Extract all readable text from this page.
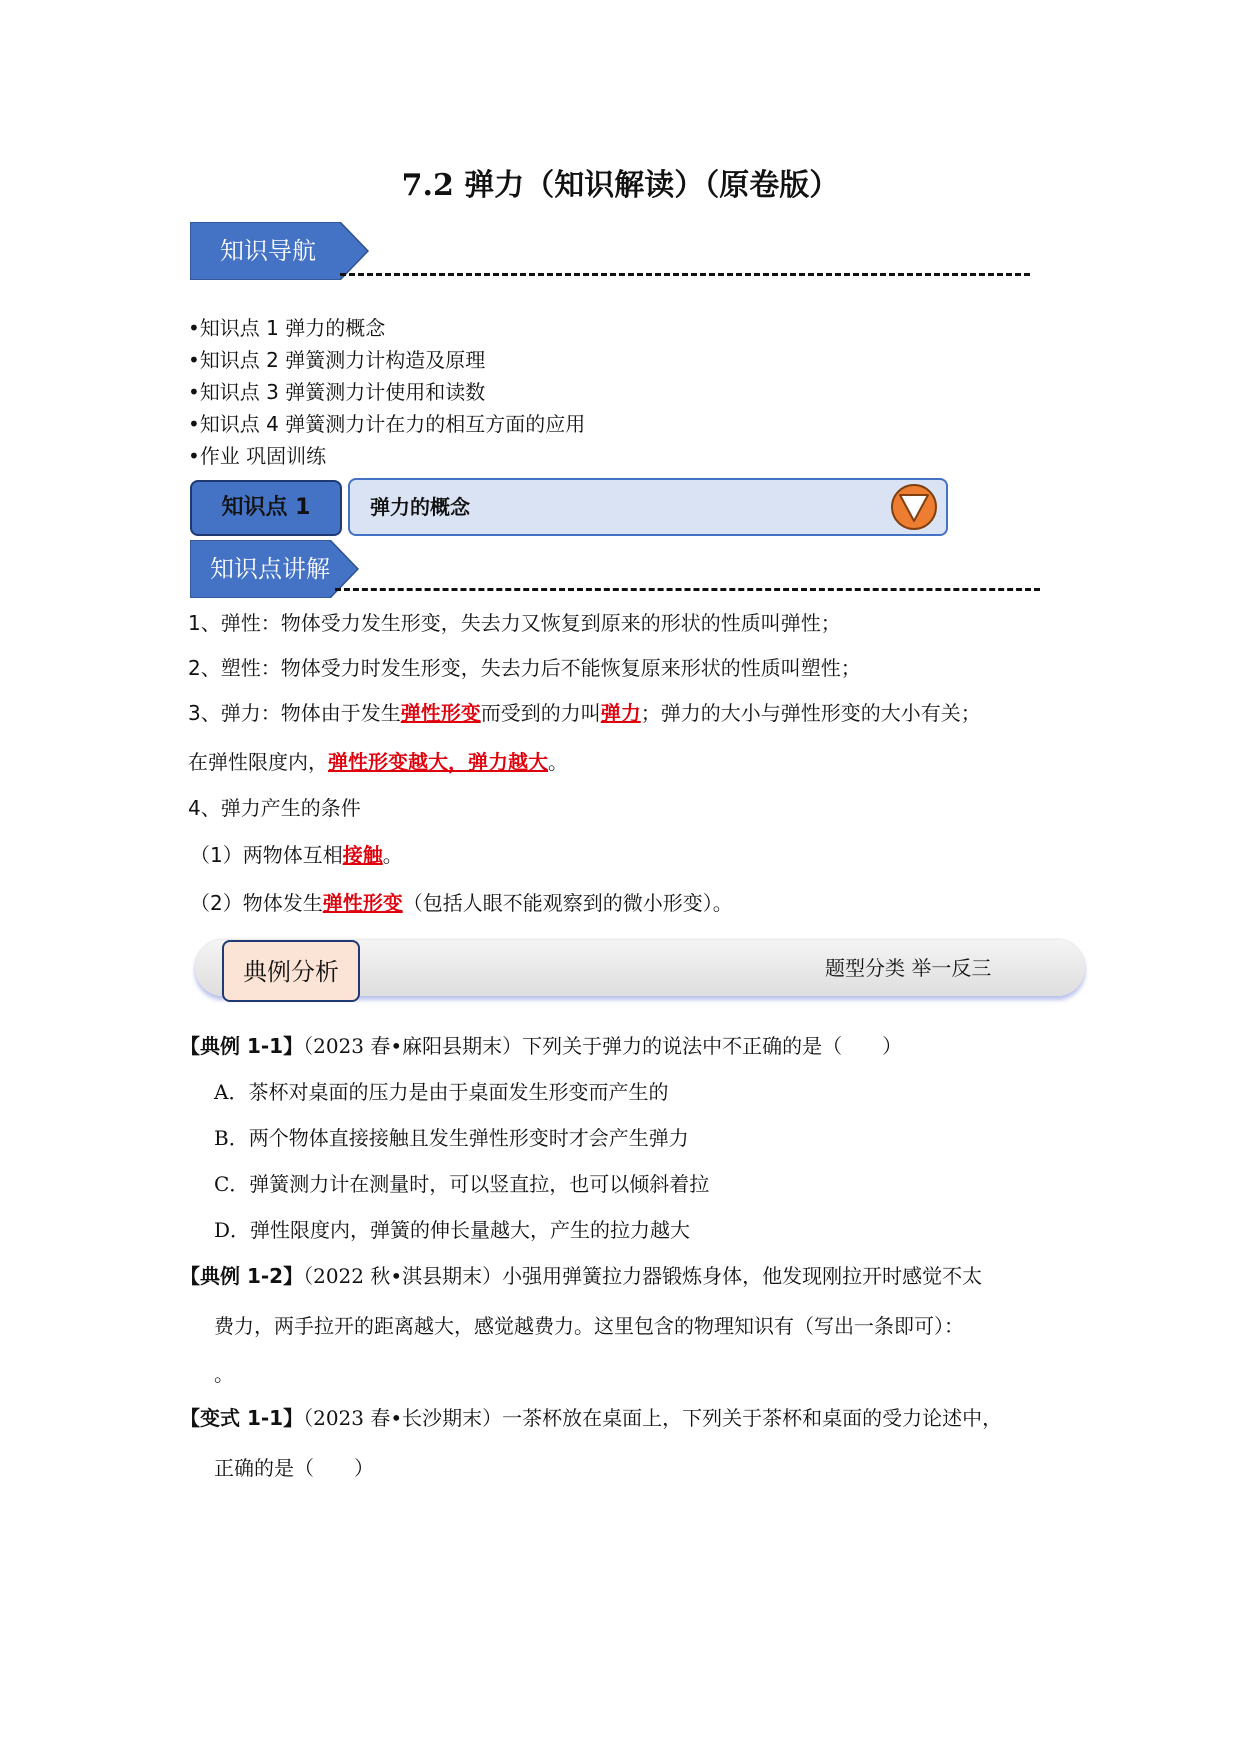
7.2 弹力（知识解读）（原卷版）
知识导航
•知识点 1 弹力的概念
•知识点 2 弹簧测力计构造及原理
•知识点 3 弹簧测力计使用和读数
•知识点 4 弹簧测力计在力的相互方面的应用
•作业 巩固训练
知识点 1	弹力的概念
知识点讲解
1、弹性：物体受力发生形变，失去力又恢复到原来的形状的性质叫弹性；
2、塑性：物体受力时发生形变，失去力后不能恢复原来形状的性质叫塑性；
3、弹力：物体由于发生弹性形变而受到的力叫弹力；弹力的大小与弹性形变的大小有关；
在弹性限度内，弹性形变越大，弹力越大。
4、弹力产生的条件
（1）两物体互相接触。
（2）物体发生弹性形变（包括人眼不能观察到的微小形变）。
典例分析	题型分类 举一反三
【典例 1-1】（2023 春•麻阳县期末）下列关于弹力的说法中不正确的是（　　）
A．茶杯对桌面的压力是由于桌面发生形变而产生的
B．两个物体直接接触且发生弹性形变时才会产生弹力
C．弹簧测力计在测量时，可以竖直拉，也可以倾斜着拉
D．弹性限度内，弹簧的伸长量越大，产生的拉力越大
【典例 1-2】（2022 秋•淇县期末）小强用弹簧拉力器锻炼身体，他发现刚拉开时感觉不太
费力，两手拉开的距离越大，感觉越费力。这里包含的物理知识有（写出一条即可）：
。
【变式 1-1】（2023 春•长沙期末）一茶杯放在桌面上，下列关于茶杯和桌面的受力论述中，
正确的是（　　）
